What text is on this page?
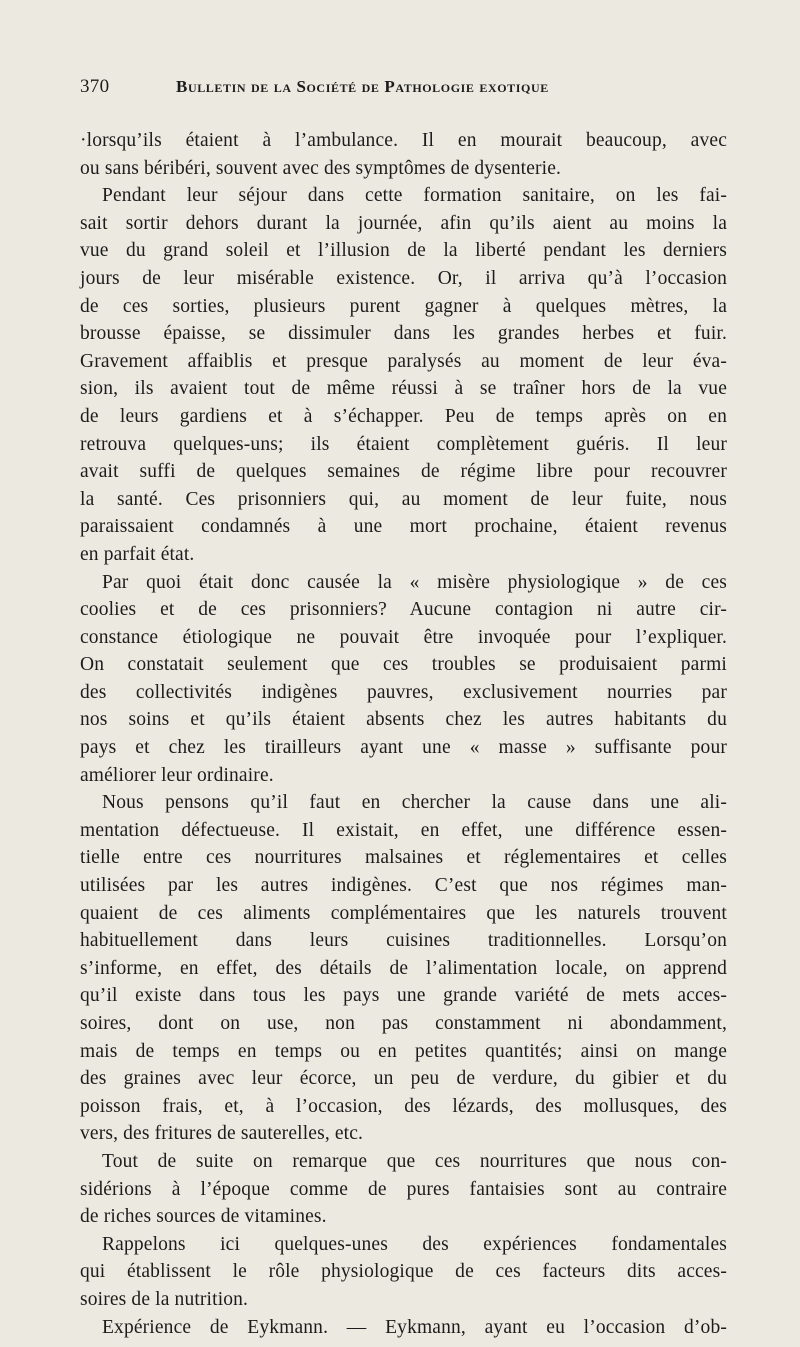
370	Bulletin de la Société de Pathologie exotique
·lorsqu’ils étaient à l’ambulance. Il en mourait beaucoup, avec
ou sans béribéri, souvent avec des symptômes de dysenterie.
Pendant leur séjour dans cette formation sanitaire, on les fai-
sait sortir dehors durant la journée, afin qu’ils aient au moins la
vue du grand soleil et l’illusion de la liberté pendant les derniers
jours de leur misérable existence. Or, il arriva qu’à l’occasion
de ces sorties, plusieurs purent gagner à quelques mètres, la
brousse épaisse, se dissimuler dans les grandes herbes et fuir.
Gravement affaiblis et presque paralysés au moment de leur éva-
sion, ils avaient tout de même réussi à se traîner hors de la vue
de leurs gardiens et à s’échapper. Peu de temps après on en
retrouva quelques-uns; ils étaient complètement guéris. Il leur
avait suffi de quelques semaines de régime libre pour recouvrer
la santé. Ces prisonniers qui, au moment de leur fuite, nous
paraissaient condamnés à une mort prochaine, étaient revenus
en parfait état.
Par quoi était donc causée la « misère physiologique » de ces
coolies et de ces prisonniers? Aucune contagion ni autre cir-
constance étiologique ne pouvait être invoquée pour l’expliquer.
On constatait seulement que ces troubles se produisaient parmi
des collectivités indigènes pauvres, exclusivement nourries par
nos soins et qu’ils étaient absents chez les autres habitants du
pays et chez les tirailleurs ayant une « masse » suffisante pour
améliorer leur ordinaire.
Nous pensons qu’il faut en chercher la cause dans une ali-
mentation défectueuse. Il existait, en effet, une différence essen-
tielle entre ces nourritures malsaines et réglementaires et celles
utilisées par les autres indigènes. C’est que nos régimes man-
quaient de ces aliments complémentaires que les naturels trouvent
habituellement dans leurs cuisines traditionnelles. Lorsqu’on
s’informe, en effet, des détails de l’alimentation locale, on apprend
qu’il existe dans tous les pays une grande variété de mets acces-
soires, dont on use, non pas constamment ni abondamment,
mais de temps en temps ou en petites quantités; ainsi on mange
des graines avec leur écorce, un peu de verdure, du gibier et du
poisson frais, et, à l’occasion, des lézards, des mollusques, des
vers, des fritures de sauterelles, etc.
Tout de suite on remarque que ces nourritures que nous con-
sidérions à l’époque comme de pures fantaisies sont au contraire
de riches sources de vitamines.
Rappelons ici quelques-unes des expériences fondamentales
qui établissent le rôle physiologique de ces facteurs dits acces-
soires de la nutrition.
Expérience de Eykmann. — Eykmann, ayant eu l’occasion d’ob-
